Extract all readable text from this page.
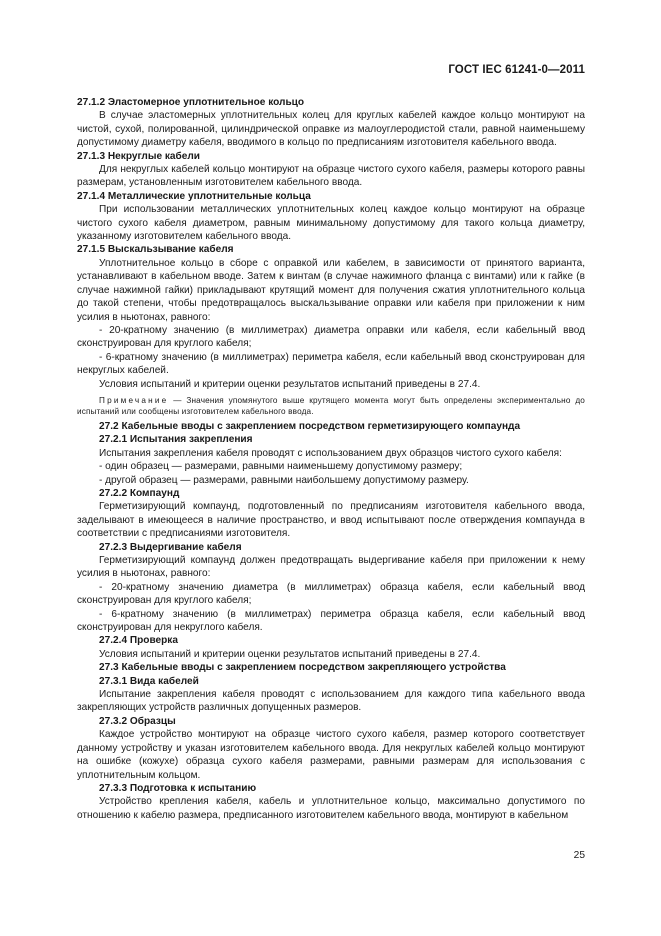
ГОСТ IEC 61241-0—2011

27.1.2 Эластомерное уплотнительное кольцо

В случае эластомерных уплотнительных колец для круглых кабелей каждое кольцо монтируют на чистой, сухой, полированной, цилиндрической оправке из малоуглеродистой стали, равной наименьшему допустимому диаметру кабеля, вводимого в кольцо по предписаниям изготовителя кабельного ввода.

27.1.3 Некруглые кабели

Для некруглых кабелей кольцо монтируют на образце чистого сухого кабеля, размеры которого равны размерам, установленным изготовителем кабельного ввода.

27.1.4 Металлические уплотнительные кольца

При использовании металлических уплотнительных колец каждое кольцо монтируют на образце чистого сухого кабеля диаметром, равным минимальному допустимому для такого кольца диаметру, указанному изготовителем кабельного ввода.

27.1.5 Выскальзывание кабеля

Уплотнительное кольцо в сборе с оправкой или кабелем, в зависимости от принятого варианта, устанавливают в кабельном вводе. Затем к винтам (в случае нажимного фланца с винтами) или к гайке (в случае нажимной гайки) прикладывают крутящий момент для получения сжатия уплотнительного кольца до такой степени, чтобы предотвращалось выскальзывание оправки или кабеля при приложении к ним усилия в ньютонах, равного:

- 20-кратному значению (в миллиметрах) диаметра оправки или кабеля, если кабельный ввод сконструирован для круглого кабеля;

- 6-кратному значению (в миллиметрах) периметра кабеля, если кабельный ввод сконструирован для некруглых кабелей.

Условия испытаний и критерии оценки результатов испытаний приведены в 27.4.

Примечание — Значения упомянутого выше крутящего момента могут быть определены экспериментально до испытаний или сообщены изготовителем кабельного ввода.

27.2 Кабельные вводы с закреплением посредством герметизирующего компаунда

27.2.1 Испытания закрепления

Испытания закрепления кабеля проводят с использованием двух образцов чистого сухого кабеля:

- один образец — размерами, равными наименьшему допустимому размеру;

- другой образец — размерами, равными наибольшему допустимому размеру.

27.2.2 Компаунд

Герметизирующий компаунд, подготовленный по предписаниям изготовителя кабельного ввода, заделывают в имеющееся в наличие пространство, и ввод испытывают после отверждения компаунда в соответствии с предписаниями изготовителя.

27.2.3 Выдергивание кабеля

Герметизирующий компаунд должен предотвращать выдергивание кабеля при приложении к нему усилия в ньютонах, равного:

- 20-кратному значению диаметра (в миллиметрах) образца кабеля, если кабельный ввод сконструирован для круглого кабеля;

- 6-кратному значению (в миллиметрах) периметра образца кабеля, если кабельный ввод сконструирован для некруглого кабеля.

27.2.4 Проверка

Условия испытаний и критерии оценки результатов испытаний приведены в 27.4.

27.3 Кабельные вводы с закреплением посредством закрепляющего устройства

27.3.1 Вида кабелей

Испытание закрепления кабеля проводят с использованием для каждого типа кабельного ввода закрепляющих устройств различных допущенных размеров.

27.3.2 Образцы

Каждое устройство монтируют на образце чистого сухого кабеля, размер которого соответствует данному устройству и указан изготовителем кабельного ввода. Для некруглых кабелей кольцо монтируют на ошибке (кожухе) образца сухого кабеля размерами, равными размерам для использования с уплотнительным кольцом.

27.3.3 Подготовка к испытанию

Устройство крепления кабеля, кабель и уплотнительное кольцо, максимально допустимого по отношению к кабелю размера, предписанного изготовителем кабельного ввода, монтируют в кабельном

25
